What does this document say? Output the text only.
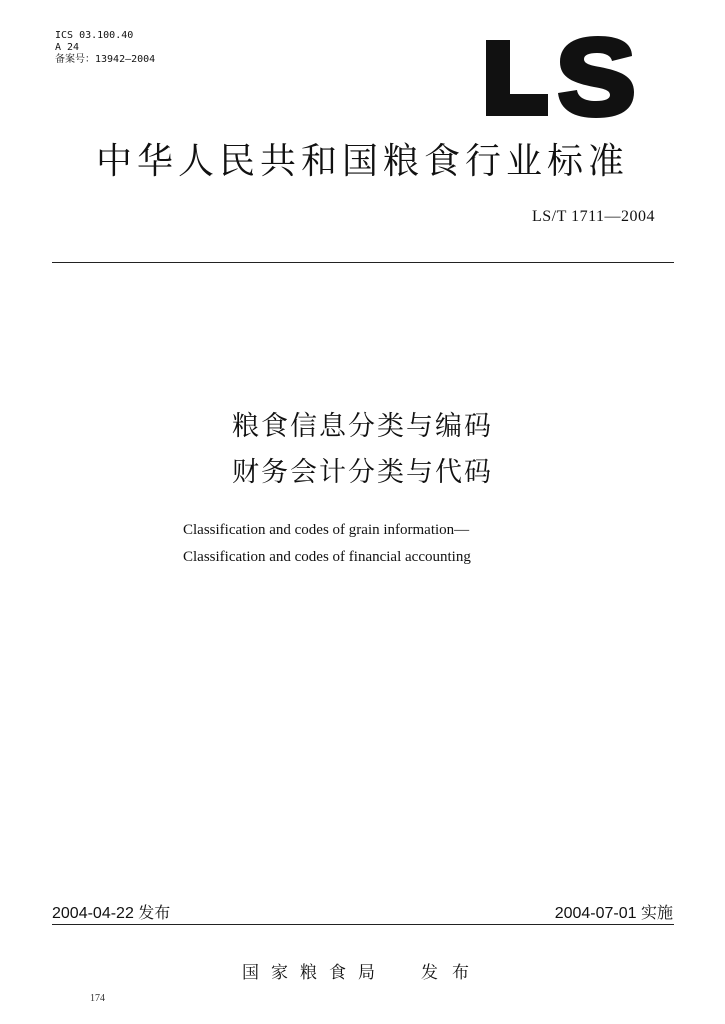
ICS 03.100.40
A 24
备案号：13942—2004
中华人民共和国粮食行业标准
LS/T 1711—2004
粮食信息分类与编码
财务会计分类与代码
Classification and codes of grain information—
Classification and codes of financial accounting
2004-04-22 发布	2004-07-01 实施
国家粮食局 发布
174
